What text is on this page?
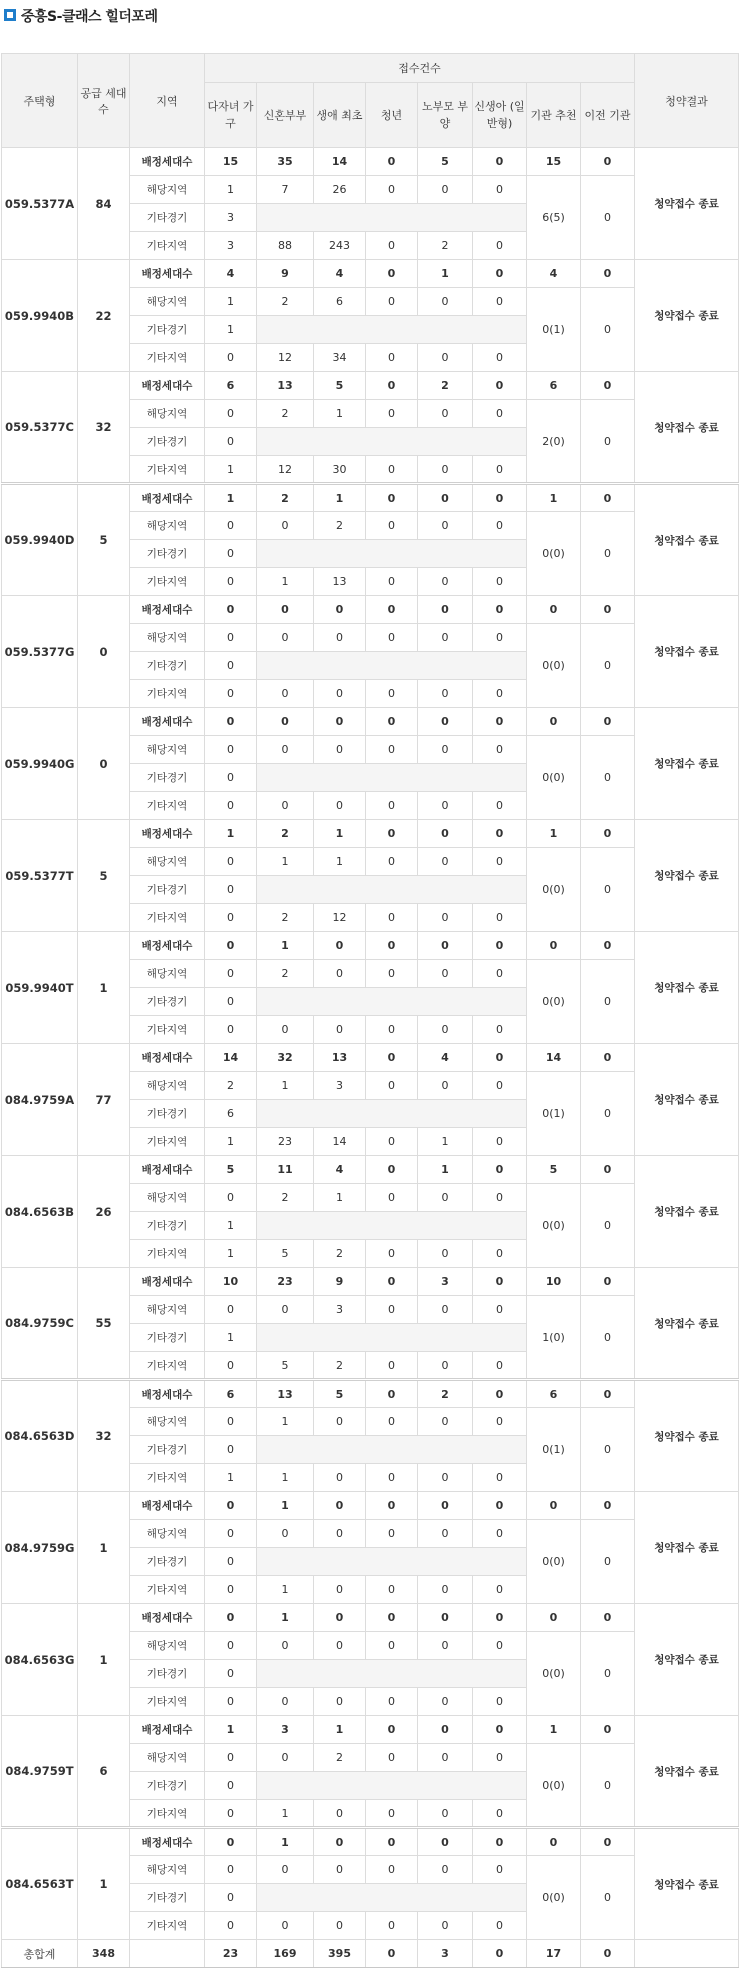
중흥S-클래스 힐더포레
주택형	공급 세대수	지역	접수건수								청약결과
			다자녀 가구	신혼부부	생애 최초	청년	노부모 부양	신생아 (일반형)	기관 추천	이전 기관	
059.5377A	84	배정세대수	15	35	14	0	5	0	15	0	청약접수 종료
		해당지역	1	7	26	0	0	0	6(5)	0	
		기타경기	3								
		기타지역	3	88	243	0	2	0			
059.9940B	22	배정세대수	4	9	4	0	1	0	4	0	청약접수 종료
		해당지역	1	2	6	0	0	0	0(1)	0	
		기타경기	1								
		기타지역	0	12	34	0	0	0			
059.5377C	32	배정세대수	6	13	5	0	2	0	6	0	청약접수 종료
		해당지역	0	2	1	0	0	0	2(0)	0	
		기타경기	0								
		기타지역	1	12	30	0	0	0			
059.9940D	5	배정세대수	1	2	1	0	0	0	1	0	청약접수 종료
		해당지역	0	0	2	0	0	0	0(0)	0	
		기타경기	0								
		기타지역	0	1	13	0	0	0			
059.5377G	0	배정세대수	0	0	0	0	0	0	0	0	청약접수 종료
		해당지역	0	0	0	0	0	0	0(0)	0	
		기타경기	0								
		기타지역	0	0	0	0	0	0			
059.9940G	0	배정세대수	0	0	0	0	0	0	0	0	청약접수 종료
		해당지역	0	0	0	0	0	0	0(0)	0	
		기타경기	0								
		기타지역	0	0	0	0	0	0			
059.5377T	5	배정세대수	1	2	1	0	0	0	1	0	청약접수 종료
		해당지역	0	1	1	0	0	0	0(0)	0	
		기타경기	0								
		기타지역	0	2	12	0	0	0			
059.9940T	1	배정세대수	0	1	0	0	0	0	0	0	청약접수 종료
		해당지역	0	2	0	0	0	0	0(0)	0	
		기타경기	0								
		기타지역	0	0	0	0	0	0			
084.9759A	77	배정세대수	14	32	13	0	4	0	14	0	청약접수 종료
		해당지역	2	1	3	0	0	0	0(1)	0	
		기타경기	6								
		기타지역	1	23	14	0	1	0			
084.6563B	26	배정세대수	5	11	4	0	1	0	5	0	청약접수 종료
		해당지역	0	2	1	0	0	0	0(0)	0	
		기타경기	1								
		기타지역	1	5	2	0	0	0			
084.9759C	55	배정세대수	10	23	9	0	3	0	10	0	청약접수 종료
		해당지역	0	0	3	0	0	0	1(0)	0	
		기타경기	1								
		기타지역	0	5	2	0	0	0			
084.6563D	32	배정세대수	6	13	5	0	2	0	6	0	청약접수 종료
		해당지역	0	1	0	0	0	0	0(1)	0	
		기타경기	0								
		기타지역	1	1	0	0	0	0			
084.9759G	1	배정세대수	0	1	0	0	0	0	0	0	청약접수 종료
		해당지역	0	0	0	0	0	0	0(0)	0	
		기타경기	0								
		기타지역	0	1	0	0	0	0			
084.6563G	1	배정세대수	0	1	0	0	0	0	0	0	청약접수 종료
		해당지역	0	0	0	0	0	0	0(0)	0	
		기타경기	0								
		기타지역	0	0	0	0	0	0			
084.9759T	6	배정세대수	1	3	1	0	0	0	1	0	청약접수 종료
		해당지역	0	0	2	0	0	0	0(0)	0	
		기타경기	0								
		기타지역	0	1	0	0	0	0			
084.6563T	1	배정세대수	0	1	0	0	0	0	0	0	청약접수 종료
		해당지역	0	0	0	0	0	0	0(0)	0	
		기타경기	0								
		기타지역	0	0	0	0	0	0			
총합계	348		23	169	395	0	3	0	17	0	
